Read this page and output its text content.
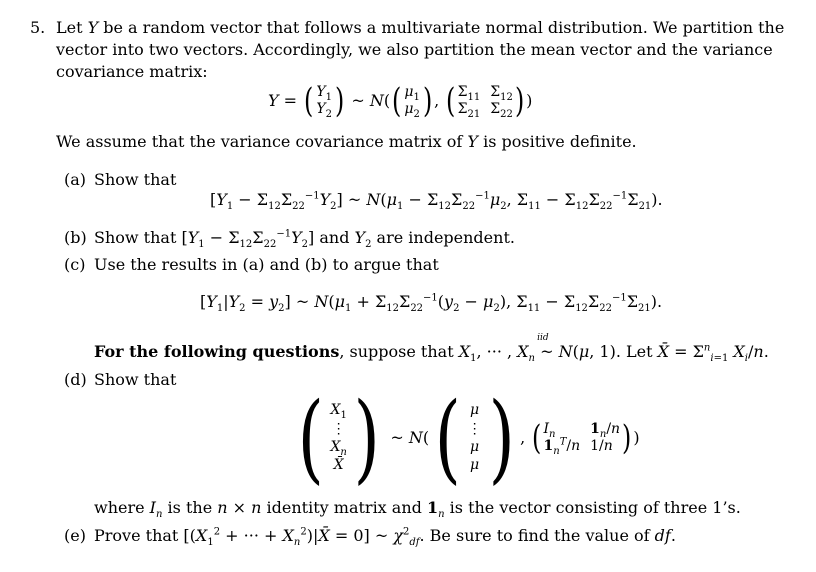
5. Let Y be a random vector that follows a multivariate normal distribution. We partition the
vector into two vectors. Accordingly, we also partition the mean vector and the variance
covariance matrix:
Y = ( $Y_1$
$Y_2$ ) ~ N ( ( $\mu_1$
$\mu_2$ ) , ( $\Sigma_{11}$ $\Sigma_{12}$
$\Sigma_{21}$ $\Sigma_{22}$ ) )
We assume that the variance covariance matrix of Y is positive definite.
(a) Show that
$[Y_1 - \Sigma_{12}\Sigma_{22}^{-1}Y_2]$ ~ $N(\mu_1 - \Sigma_{12}\Sigma_{22}^{-1}\mu_2$, $\Sigma_{11} - \Sigma_{12}\Sigma_{22}^{-1}\Sigma_{21}$).
(b) Show that $[Y_1 - \Sigma_{12}\Sigma_{22}^{-1}Y_2]$ and $Y_2$ are independent.
(c) Use the results in (a) and (b) to argue that
$[Y_1|Y_2 = y_2]$ ~ $N(\mu_1 + \Sigma_{12}\Sigma_{22}^{-1}(y_2 - \mu_2)$, $\Sigma_{11} - \Sigma_{12}\Sigma_{22}^{-1}\Sigma_{21}$).
For the following questions, suppose that $X_1$, ··· , $X_n$ ~
iid
N(μ, 1). Let X̄ = $\Sigma^n_{i=1}$ $X_i/n$.
(d) Show that
( $X_1$
⋮
$X_n$
X̄ ) ~ N ( ( μ
⋮
μ
μ ) , ( $I_n$	$1_n/n$
$1_n^T/n$ 1/n ) )
where $I_n$ is the n × n identity matrix and $1_n$ is the vector consisting of three 1’s.
(e) Prove that [($X_1^2$ + ··· + $X_n^2)|X̄ = 0$] ~ $\chi^2_{df}$. Be sure to find the value of df.
